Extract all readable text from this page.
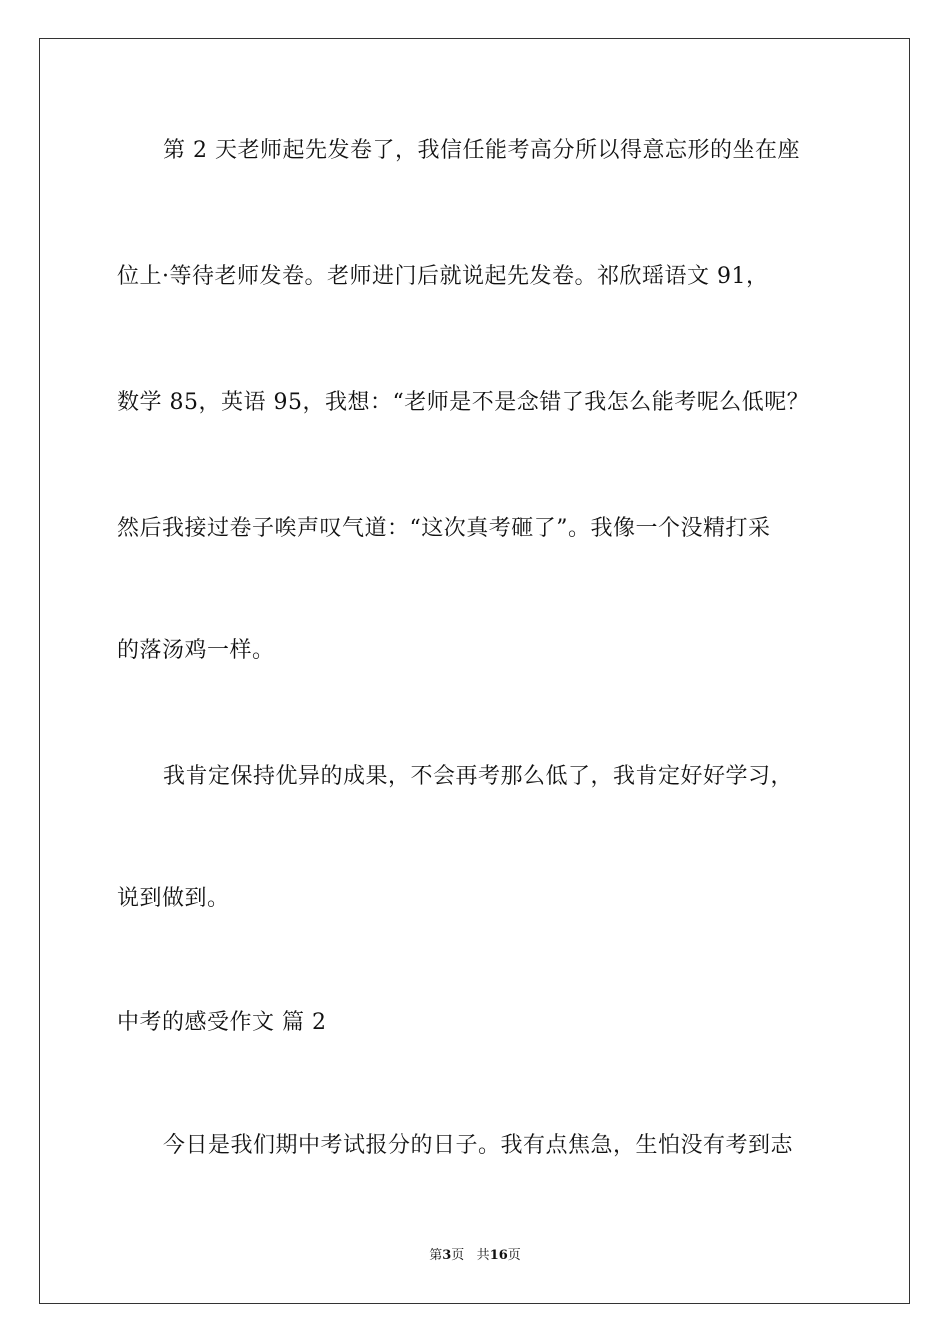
第 2 天老师起先发卷了，我信任能考高分所以得意忘形的坐在座
位上·等待老师发卷。老师进门后就说起先发卷。祁欣瑶语文 91，
数学 85，英语 95，我想：“老师是不是念错了我怎么能考呢么低呢？
然后我接过卷子唉声叹气道：“这次真考砸了”。我像一个没精打采
的落汤鸡一样。
我肯定保持优异的成果，不会再考那么低了，我肯定好好学习，
说到做到。
中考的感受作文 篇 2
今日是我们期中考试报分的日子。我有点焦急，生怕没有考到志
第3页 共16页
